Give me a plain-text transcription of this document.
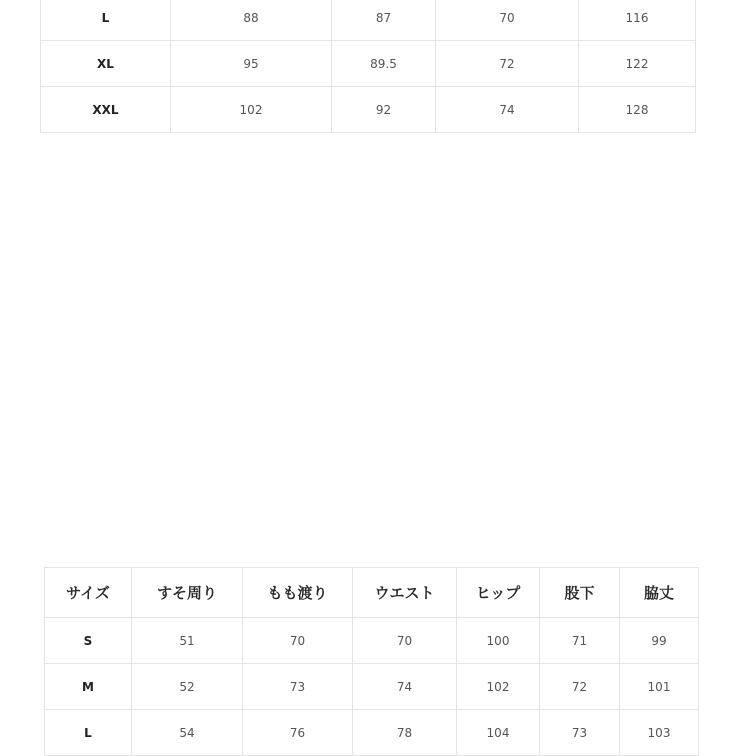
L	88	87	70	116
XL	95	89.5	72	122
XXL	102	92	74	128
サイズ	すそ周り	もも渡り	ウエスト	ヒップ	股下	脇丈
S	51	70	70	100	71	99
M	52	73	74	102	72	101
L	54	76	78	104	73	103
